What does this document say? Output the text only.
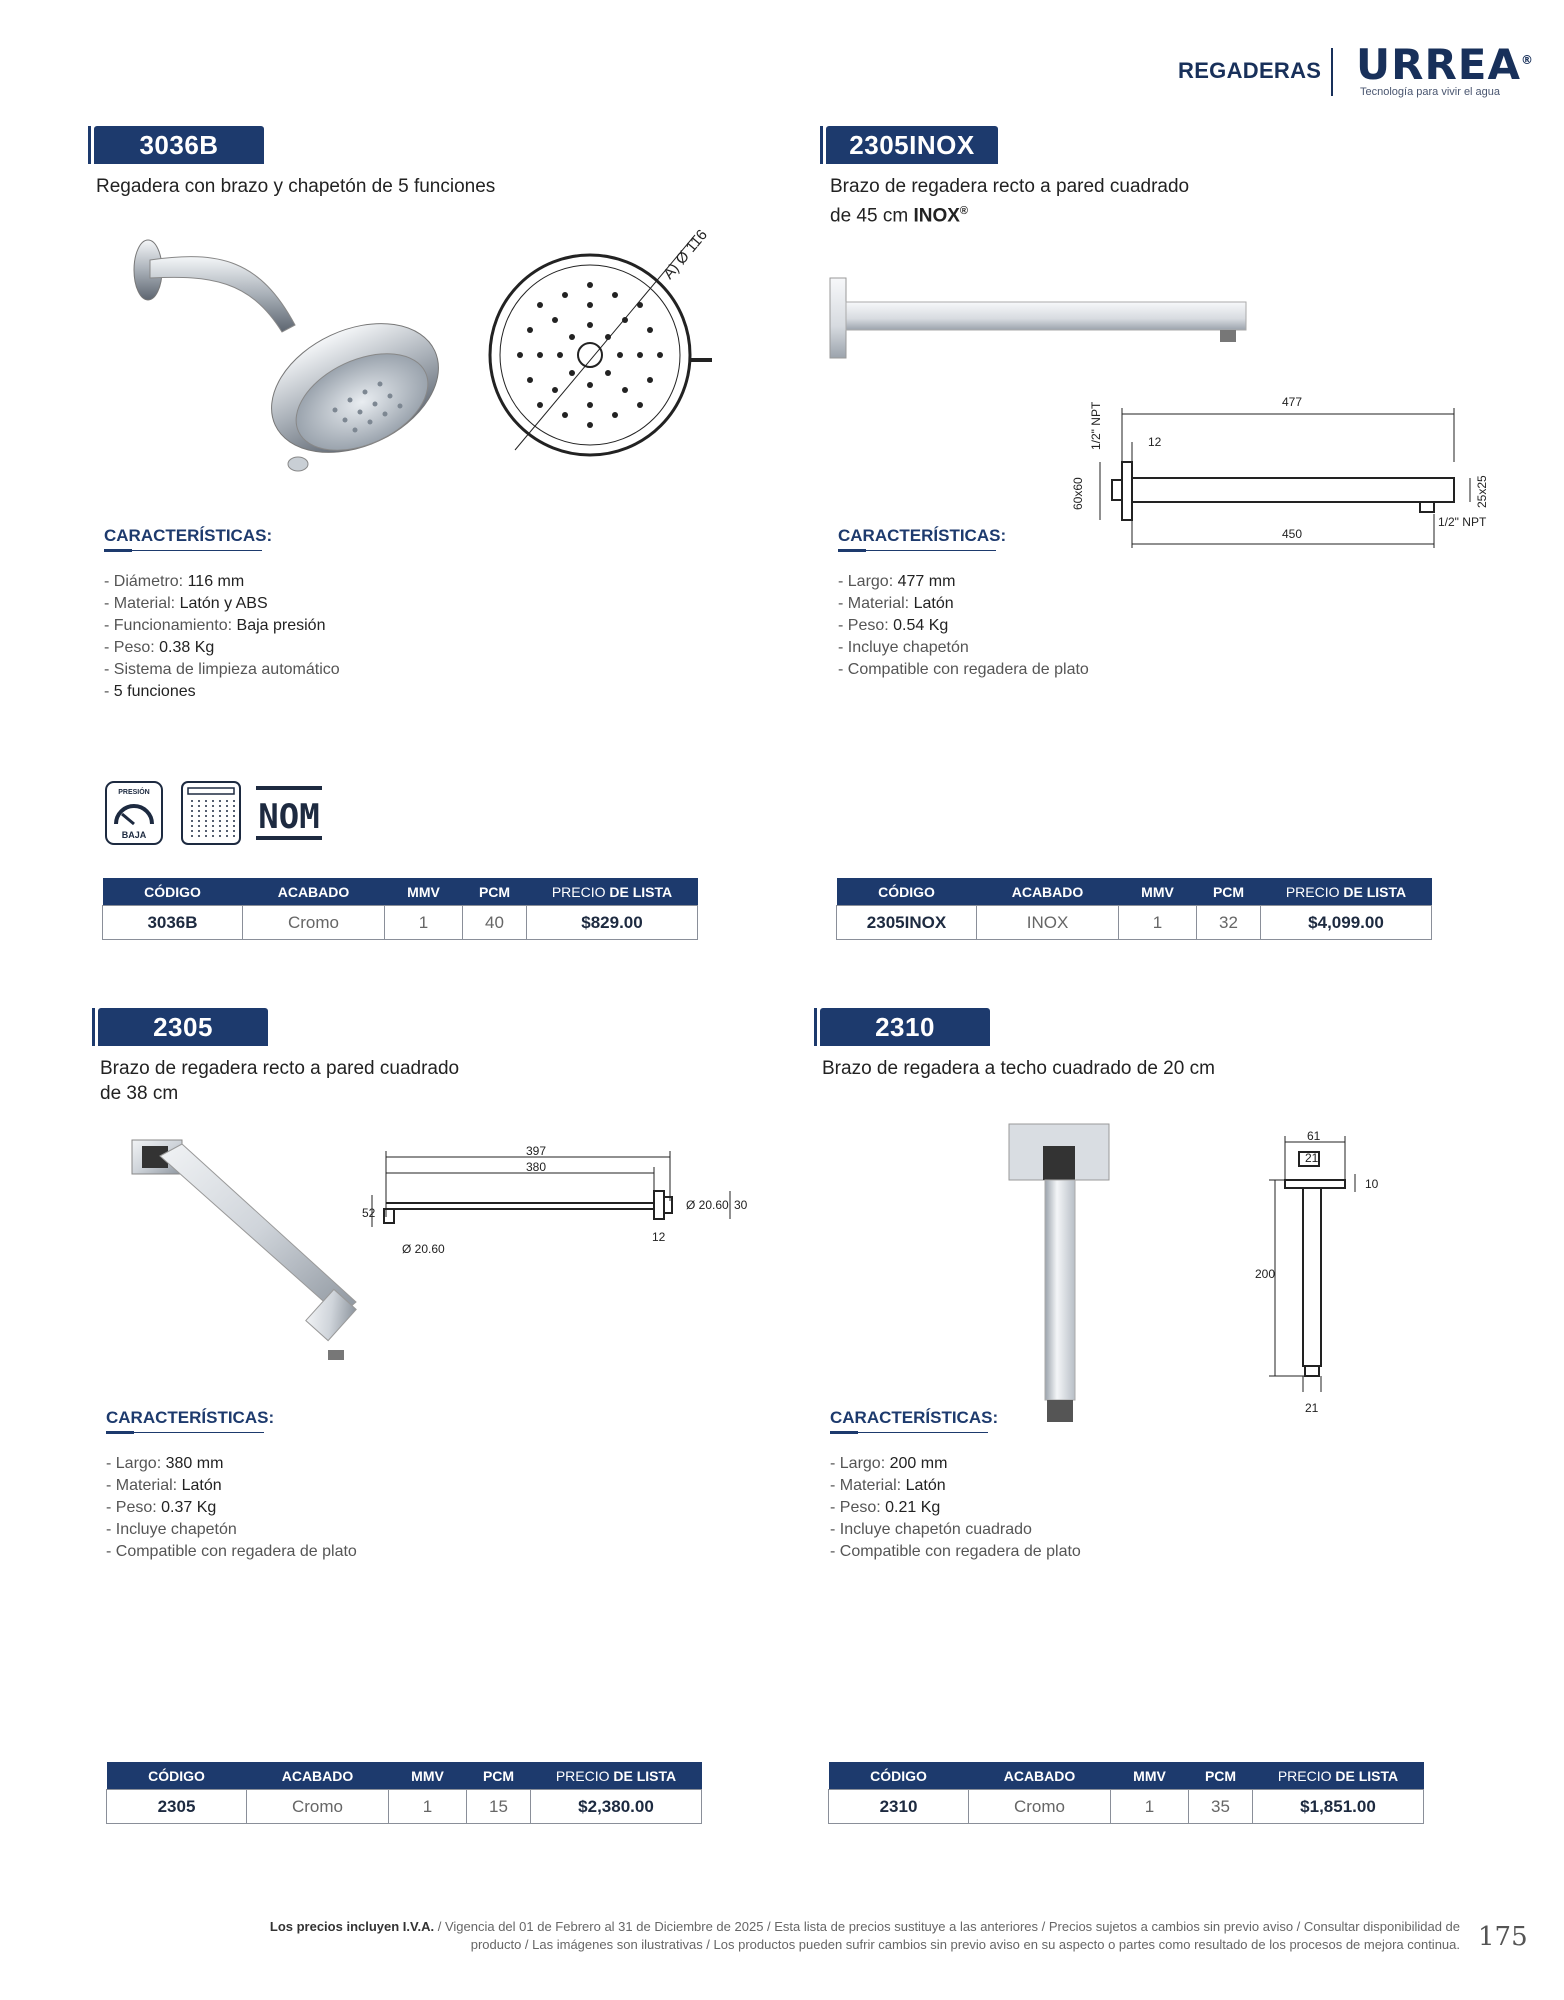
REGADERAS URREA®
Tecnología para vivir el agua
3036B
Regadera con brazo y chapetón de 5 funciones
A) Ø 116
CARACTERÍSTICAS:
- Diámetro: 116 mm
- Material: Latón y ABS
- Funcionamiento: Baja presión
- Peso: 0.38 Kg
- Sistema de limpieza automático
- 5 funciones
PRESIÓN
BAJA	NOM
CÓDIGO	ACABADO	MMV	PCM	PRECIO DE LISTA
3036B	Cromo	1	40	$829.00
2305INOX
Brazo de regadera recto a pared cuadrado
de 45 cm INOX®
477
450
12
1/2" NPT
60x60	25x25
1/2" NPT
CARACTERÍSTICAS:
- Largo: 477 mm
- Material: Latón
- Peso: 0.54 Kg
- Incluye chapetón
- Compatible con regadera de plato
CÓDIGO	ACABADO	MMV	PCM	PRECIO DE LISTA
2305INOX	INOX	1	32	$4,099.00
2305
Brazo de regadera recto a pared cuadrado
de 38 cm
397
380
52
12
Ø 20.60
Ø 20.60 30
CARACTERÍSTICAS:
- Largo: 380 mm
- Material: Latón
- Peso: 0.37 Kg
- Incluye chapetón
- Compatible con regadera de plato
CÓDIGO	ACABADO	MMV	PCM	PRECIO DE LISTA
2305	Cromo	1	15	$2,380.00
2310
Brazo de regadera a techo cuadrado de 20 cm
61
21
10
200
21
CARACTERÍSTICAS:
- Largo: 200 mm
- Material: Latón
- Peso: 0.21 Kg
- Incluye chapetón cuadrado
- Compatible con regadera de plato
CÓDIGO	ACABADO	MMV	PCM	PRECIO DE LISTA
2310	Cromo	1	35	$1,851.00
Los precios incluyen I.V.A. / Vigencia del 01 de Febrero al 31 de Diciembre de 2025 / Esta lista de precios sustituye a las anteriores / Precios sujetos a cambios sin previo aviso / Consultar disponibilidad de
producto / Las imágenes son ilustrativas / Los productos pueden sufrir cambios sin previo aviso en su aspecto o partes como resultado de los procesos de mejora continua. 175
